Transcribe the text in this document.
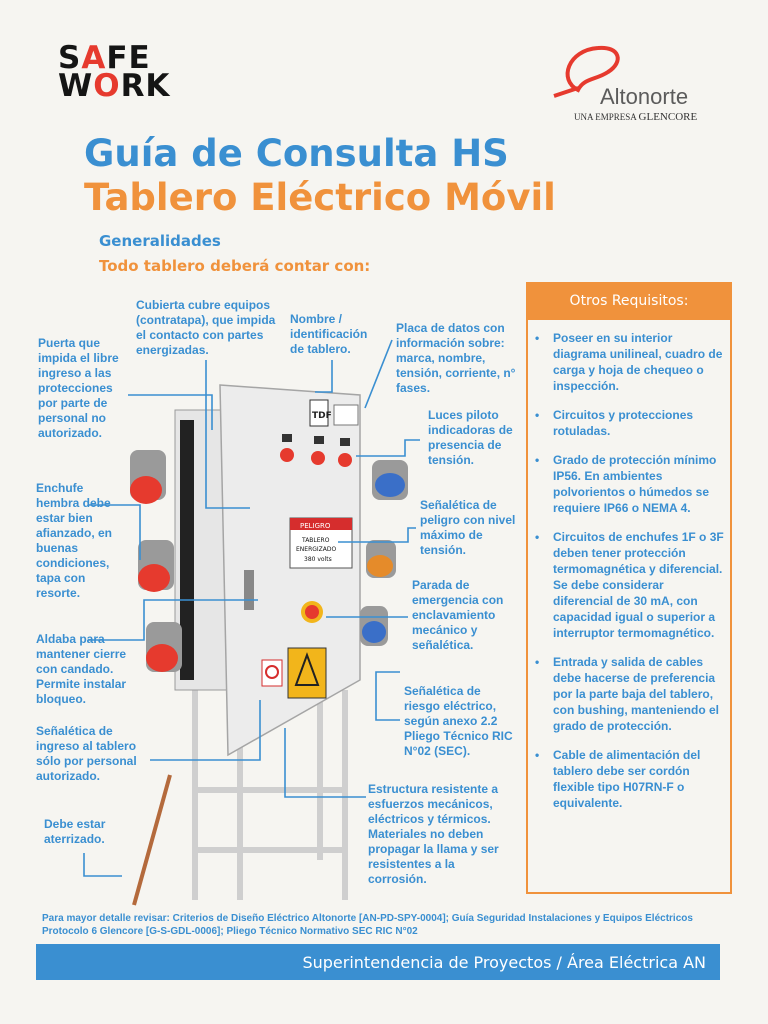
SAFE
WORK	Altonorte
UNA EMPRESA GLENCORE
Guía de Consulta HS
Tablero Eléctrico Móvil
Generalidades
Todo tablero deberá contar con:
TDF
PELIGRO
TABLERO
ENERGIZADO
380 volts
Puerta que impida el libre ingreso a las protecciones por parte de personal no autorizado.
Cubierta cubre equipos (contratapa), que impida el contacto con partes energizadas.
Nombre / identificación de tablero.
Placa de datos con información sobre: marca, nombre, tensión, corriente, n° fases.
Luces piloto indicadoras de presencia de tensión.
Enchufe hembra debe estar bien afianzado, en buenas condiciones, tapa con resorte.
Señalética de peligro con nivel máximo de tensión.
Parada de emergencia con enclavamiento mecánico y señalética.
Aldaba para mantener cierre con candado. Permite instalar bloqueo.
Señalética de riesgo eléctrico, según anexo 2.2 Pliego Técnico RIC N°02 (SEC).
Señalética de ingreso al tablero sólo por personal autorizado.
Estructura resistente a esfuerzos mecánicos, eléctricos y térmicos. Materiales no deben propagar la llama y ser resistentes a la corrosión.
Debe estar aterrizado.
Otros Requisitos:
• Poseer en su interior diagrama unilineal, cuadro de carga y hoja de chequeo o inspección.
• Circuitos y protecciones rotuladas.
• Grado de protección mínimo IP56. En ambientes polvorientos o húmedos se requiere IP66 o NEMA 4.
• Circuitos de enchufes 1F o 3F deben tener protección termomagnética y diferencial. Se debe considerar diferencial de 30 mA, con capacidad igual o superior a interruptor termomagnético.
• Entrada y salida de cables debe hacerse de preferencia por la parte baja del tablero, con bushing, manteniendo el grado de protección.
• Cable de alimentación del tablero debe ser cordón flexible tipo H07RN-F o equivalente.
Para mayor detalle revisar: Criterios de Diseño Eléctrico Altonorte [AN-PD-SPY-0004]; Guía Seguridad Instalaciones y Equipos Eléctricos Protocolo 6 Glencore [G-S-GDL-0006]; Pliego Técnico Normativo SEC RIC N°02
Superintendencia de Proyectos / Área Eléctrica AN
